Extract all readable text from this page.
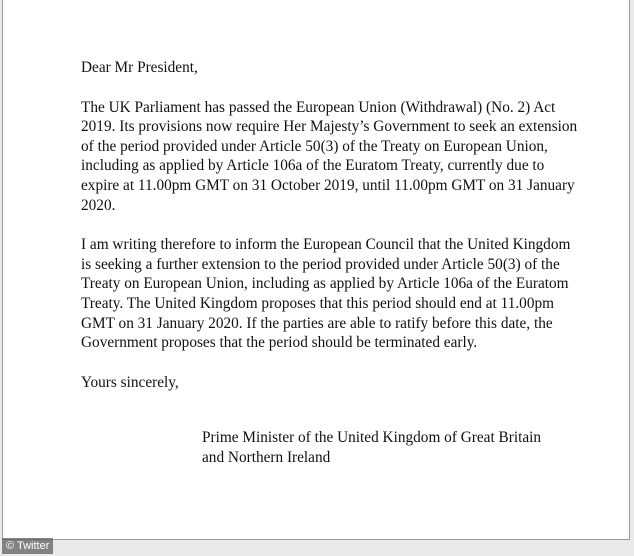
Dear Mr President,

The UK Parliament has passed the European Union (Withdrawal) (No. 2) Act 2019. Its provisions now require Her Majesty’s Government to seek an extension of the period provided under Article 50(3) of the Treaty on European Union, including as applied by Article 106a of the Euratom Treaty, currently due to expire at 11.00pm GMT on 31 October 2019, until 11.00pm GMT on 31 January 2020.

I am writing therefore to inform the European Council that the United Kingdom is seeking a further extension to the period provided under Article 50(3) of the Treaty on European Union, including as applied by Article 106a of the Euratom Treaty. The United Kingdom proposes that this period should end at 11.00pm GMT on 31 January 2020. If the parties are able to ratify before this date, the Government proposes that the period should be terminated early.

Yours sincerely,

Prime Minister of the United Kingdom of Great Britain and Northern Ireland

© Twitter
